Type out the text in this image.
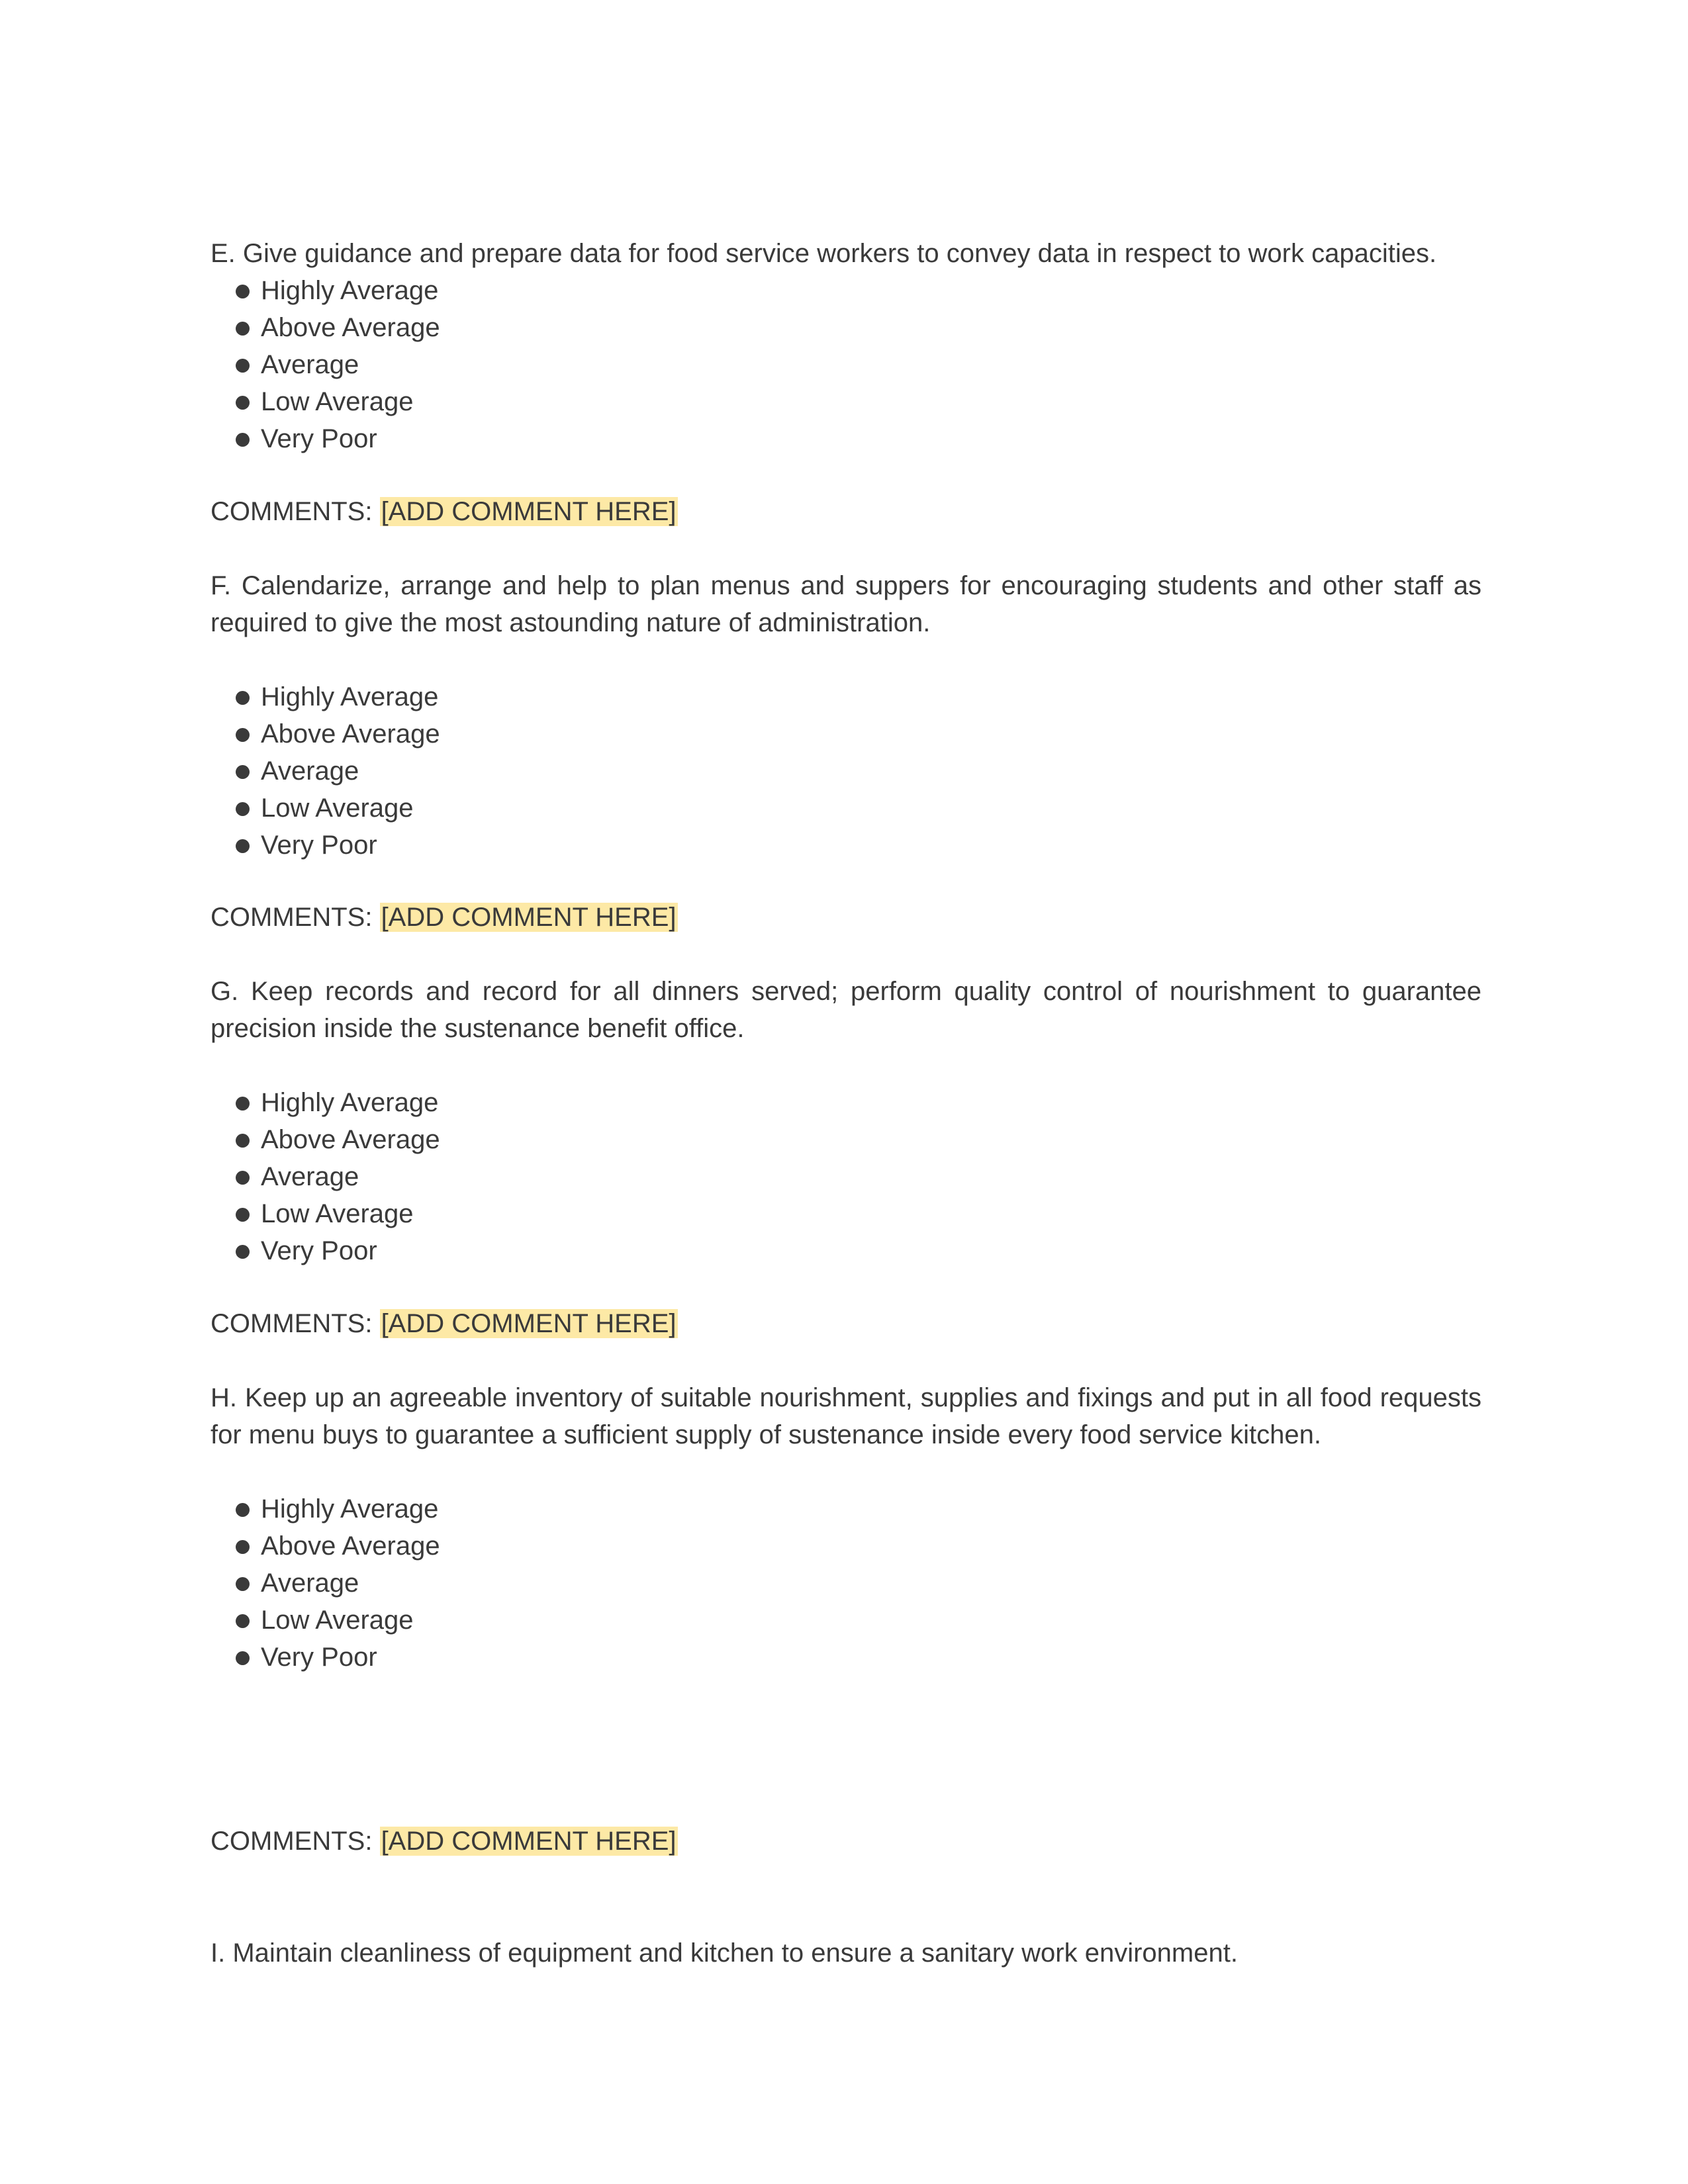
E. Give guidance and prepare data for food service workers to convey data in respect to work capacities.

Highly Average
Above Average
Average
Low Average
Very Poor

COMMENTS: [ADD COMMENT HERE]

F. Calendarize, arrange and help to plan menus and suppers for encouraging students and other staff as required to give the most astounding nature of administration.

Highly Average
Above Average
Average
Low Average
Very Poor

COMMENTS: [ADD COMMENT HERE]

G. Keep records and record for all dinners served; perform quality control of nourishment to guarantee precision inside the sustenance benefit office.

Highly Average
Above Average
Average
Low Average
Very Poor

COMMENTS: [ADD COMMENT HERE]

H. Keep up an agreeable inventory of suitable nourishment, supplies and fixings and put in all food requests for menu buys to guarantee a sufficient supply of sustenance inside every food service kitchen.

Highly Average
Above Average
Average
Low Average
Very Poor

COMMENTS: [ADD COMMENT HERE]

I. Maintain cleanliness of equipment and kitchen to ensure a sanitary work environment.
